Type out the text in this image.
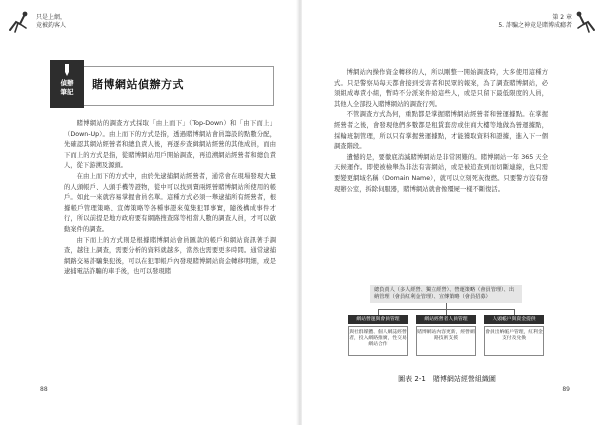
只是上網，
竟被釣客人
偵辦
筆記
賭博網站偵辦方式

賭博網站的調查方式採取「由上而下」（Top-Down）和「由下而上」（Down-Up）。由上而下的方式是指，透過賭博網站會員籌設的點數分配，先確認其網站經營者和總負責人後，再逐步查緝網站經營的其他成員，而由下而上的方式是指，從賭博網站用戶開始調查，再追溯網站經營者和總負責人，從下游溯及源頭。

在由上而下的方式中，由於先逮捕網站經營者，通常會在現場發現大量的人頭帳戶、人頭手機等證物，從中可以找到賣兩經營賭博網站所使用的帳戶。如此一來就容易掌握會員名單。這種方式必須一舉逮捕所有經營者，根據帳戶管理策略、宣傳策略等各種事證來蒐集犯罪事實，隨後構成事件才行，所以前提是地方政府要有網路搜查隊等相當人數的調查人員，才可以啟動案件的調查。

由下而上的方式則是根據賭博網站會員匯款的帳戶和網站資訊著手調查，越往上調查，需要分析的資料就越多，當然也需要更多時間。通常逮捕網路交易詐騙集犯後，可以在犯罪帳戶內發現賭博網站資金轉移明細，或是逮捕電話詐騙的車手後，也可以發現賭

88
第 2 章
5. 詐騙之神竟是賭博成癮者

博網站內操作資金轉移的人，所以剛整一開始調查時，大多使用這種方式。只是警察局每天都會接到受害者和民眾的報案，為了調查賭博網站，必須組成專責小組，暫時不分派案件給這些人，或是只留下最低限度的人員，其他人全部投入賭博網站的調查行列。

不管調查方式為何，重點都是掌握賭博網站經營者和營運據點。在掌握經營者之後，會發現他們多數都是租賃套房或住商大樓等地做為營運據點，採輪班制管理，所以只有掌握營運據點，才能獲取資料和證據，進入下一個調查階段。

遺憾的是，要徹底消滅賭博網站是非常困難的。賭博網站一年 365 天全天候運作。即使被檢舉為非法有害網站，或是被追查到而切斷連線，也只需要變更網域名稱（Domain Name），就可以立刻死灰復燃。只要警方沒有發現辦公室，拆除伺服器，賭博網站就會像殭屍一樣不斷復活。

總負責人（多人經營、獨立經營）、營運策略（會員管理）、出納管理（會員紅利金管理）、宣傳策略（會員招募）
網站營運與會員管理	網站經營者人員管理	人頭帳戶與資金提供
與社群媒體、個人網誌經營者，投入網路推廣，性交易網站合作
賭博網站內容更新，經營網路技術支援
會員出納帳戶管理，紅利金支付及兌換
圖表 2-1　賭博網站經營組織圖
89
